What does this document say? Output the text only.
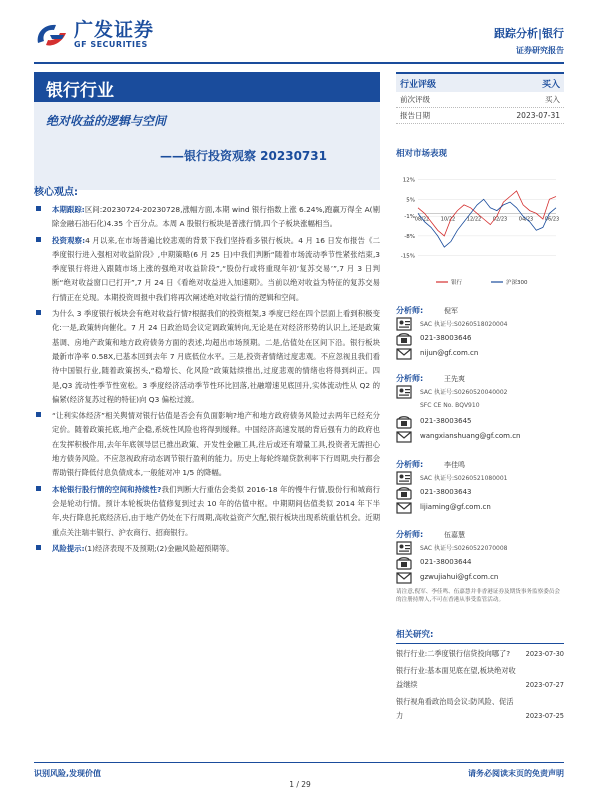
广发证券
GF SECURITIES
跟踪分析|银行
证券研究报告
银行行业
绝对收益的逻辑与空间
——银行投资观察 20230731
核心观点:
本期跟踪:区间:20230724-20230728,涨幅方面,本期 wind 银行指数上涨 6.24%,跑赢万得全 A(剔除金融石油石化)4.35 个百分点。本周 A 股银行板块是普涨行情,四个子板块涨幅相当。
投资观察:4 月以来,在市场普遍比较悲观的背景下我们坚持看多银行板块。4 月 16 日发布报告《二季度银行进入强相对收益阶段》,中期策略(6 月 25 日)中我们判断“随着市场流动季节性紧张结束,3 季度银行将进入跟随市场上涨的强绝对收益阶段”,“股份行或将重现年初‘复苏交易’”,7 月 3 日判断“绝对收益窗口已打开”,7 月 24 日《看绝对收益进入加速期》。当前以绝对收益为特征的复苏交易行情正在兑现。本期投资周报中我们将再次阐述绝对收益行情的逻辑和空间。
为什么 3 季度银行板块会有绝对收益行情?根据我们的投资框架,3 季度已经在四个层面上看到积极变化:一是,政策转向催化。7 月 24 日政治局会议定调政策转向,无论是在对经济形势的认识上,还是政策基调、房地产政策和地方政府债务方面的表述,均超出市场预期。二是,估值处在区间下沿。银行板块最新市净率 0.58X,已基本回到去年 7 月底低位水平。三是,投资者情绪过度悲观。不应忽视且我们看待中国银行业,随着政策拐头,“稳增长、化风险”政策陆续推出,过度悲观的情绪也将得到纠正。四是,Q3 流动性季节性宽松。3 季度经济活动季节性环比回落,社融增速见底回升,实体流动性从 Q2 的偏紧(经济复苏过程的特征)向 Q3 偏松过渡。
“让利实体经济”相关舆情对银行估值是否会有负面影响?地产和地方政府债务风险过去两年已经充分定价。随着政策托底,地产企稳,系统性风险也将得到缓释。中国经济高速发展的背后强有力的政府也在发挥积极作用,去年年底领导层已推出政策、开发性金融工具,往后或还有增量工具,投资者无需担心地方债务风险。不应忽视政府动态调节银行盈利的能力。历史上每轮终端贷款利率下行周期,央行都会帮助银行降低付息负债成本,一般能对冲 1/5 的降幅。
本轮银行股行情的空间和持续性?我们判断大行重估会类似 2016-18 年的慢牛行情,股份行和城商行会是轮动行情。预计本轮板块估值修复到过去 10 年的估值中枢。中期期间估值类似 2014 年下半年,央行降息托底经济后,由于地产仍处在下行周期,高收益资产欠配,银行板块出现系统重估机会。近期重点关注瑞丰银行、沪农商行、招商银行。
风险提示:(1)经济表现不及预期;(2)金融风险超预期等。
行业评级	买入
前次评级	买入
报告日期	2023-07-31
相对市场表现
12%
5%
-1%
-8%
-15%
08/22 10/22 12/22 02/23 04/23 06/23
银行	沪深300
分析师:	倪军
SAC 执证号:S0260518020004
021-38003646
nijun@gf.com.cn
分析师:	王先爽
SAC 执证号:S0260520040002
SFC CE No. BQV910
021-38003645
wangxianshuang@gf.com.cn
分析师:	李佳鸣
SAC 执证号:S0260521080001
021-38003643
lijiaming@gf.com.cn
分析师:	伍嘉慧
SAC 执证号:S0260522070008
021-38003644
gzwujiahui@gf.com.cn
请注意,倪军、李佳鸣、伍嘉慧并非香港证券及期货事务监察委员会的注册持牌人,不可在香港从事受监管活动。
相关研究:
银行行业:二季度银行信贷投向哪了? 2023-07-30
银行行业:基本面见底在望,板块绝对收益继续	2023-07-27
银行视角看政治局会议:防风险、促活力	2023-07-25
识别风险,发现价值
1 / 29
请务必阅读末页的免责声明
